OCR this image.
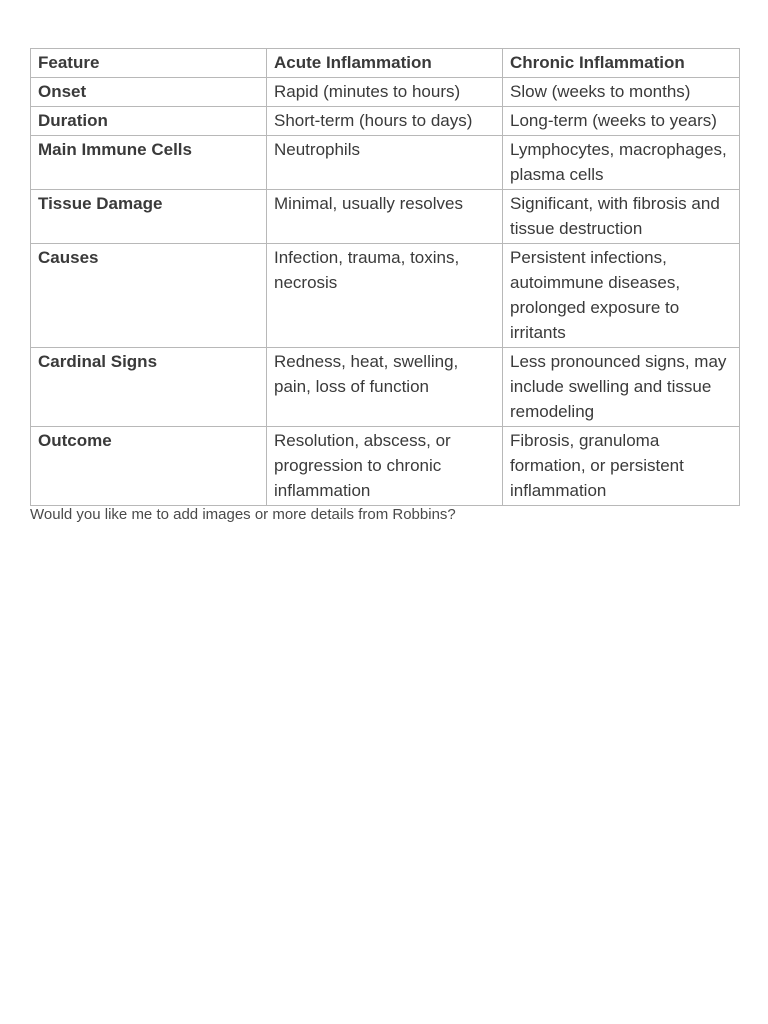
Feature	Acute Inflammation	Chronic Inflammation
Onset	Rapid (minutes to hours)	Slow (weeks to months)
Duration	Short-term (hours to days)	Long-term (weeks to years)
Main Immune Cells	Neutrophils	Lymphocytes, macrophages, plasma cells
Tissue Damage	Minimal, usually resolves	Significant, with fibrosis and tissue destruction
Causes	Infection, trauma, toxins, necrosis	Persistent infections, autoimmune diseases, prolonged exposure to irritants
Cardinal Signs	Redness, heat, swelling, pain, loss of function	Less pronounced signs, may include swelling and tissue remodeling
Outcome	Resolution, abscess, or progression to chronic inflammation	Fibrosis, granuloma formation, or persistent inflammation
Would you like me to add images or more details from Robbins?
